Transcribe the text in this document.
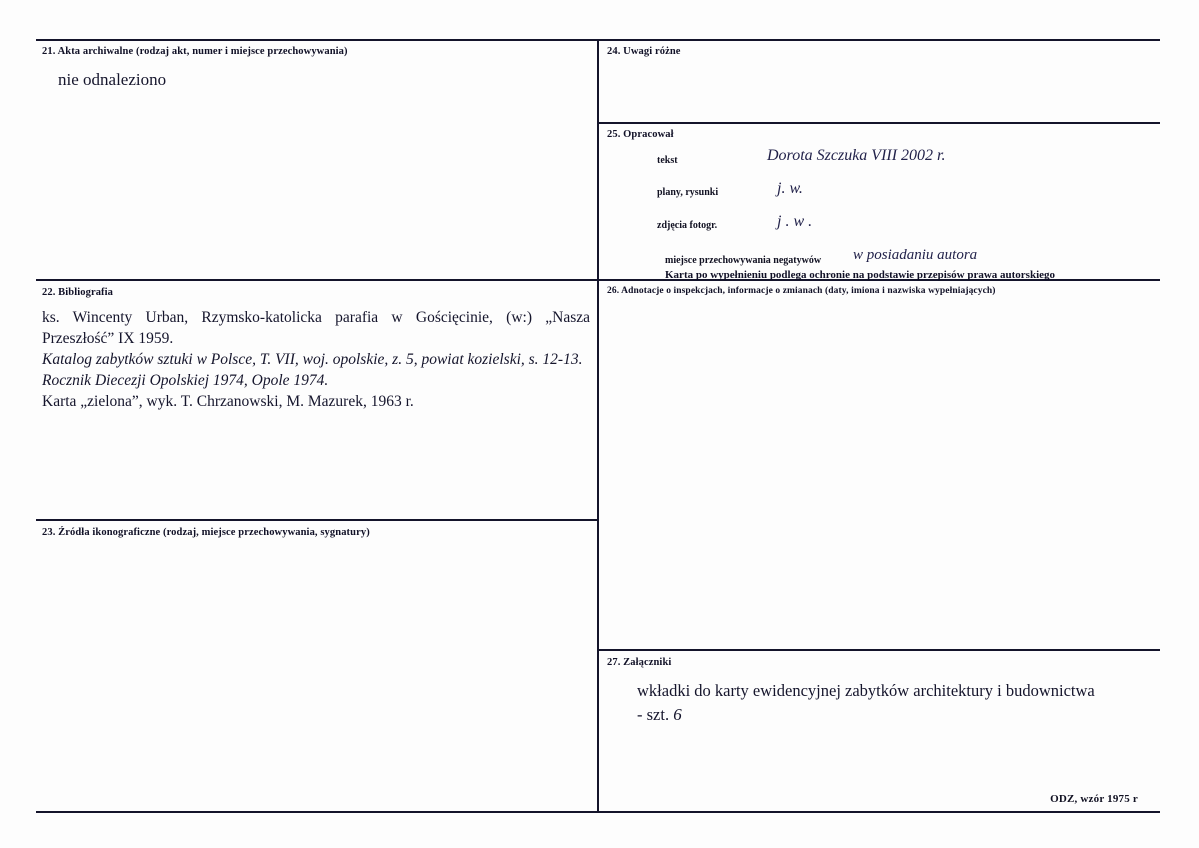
21. Akta archiwalne (rodzaj akt, numer i miejsce przechowywania)
nie odnaleziono
22. Bibliografia

ks. Wincenty Urban, Rzymsko-katolicka parafia w Gościęcinie, (w:) „Nasza Przeszłość” IX 1959.

Katalog zabytków sztuki w Polsce, T. VII, woj. opolskie, z. 5, powiat kozielski, s. 12-13.

Rocznik Diecezji Opolskiej 1974, Opole 1974.

Karta „zielona”, wyk. T. Chrzanowski, M. Mazurek, 1963 r.

23. Źródła ikonograficzne (rodzaj, miejsce przechowywania, sygnatury)
24. Uwagi różne
25. Opracował
tekst	Dorota Szczuka VIII 2002 r.
plany, rysunki	j. w.
zdjęcia fotogr.	j . w .
miejsce przechowywania negatywów w posiadaniu autora
Karta po wypełnieniu podlega ochronie na podstawie przepisów prawa autorskiego
26. Adnotacje o inspekcjach, informacje o zmianach (daty, imiona i nazwiska wypełniających)
27. Załączniki
wkładki do karty ewidencyjnej zabytków architektury i budownictwa
- szt. 6
ODZ, wzór 1975 r
